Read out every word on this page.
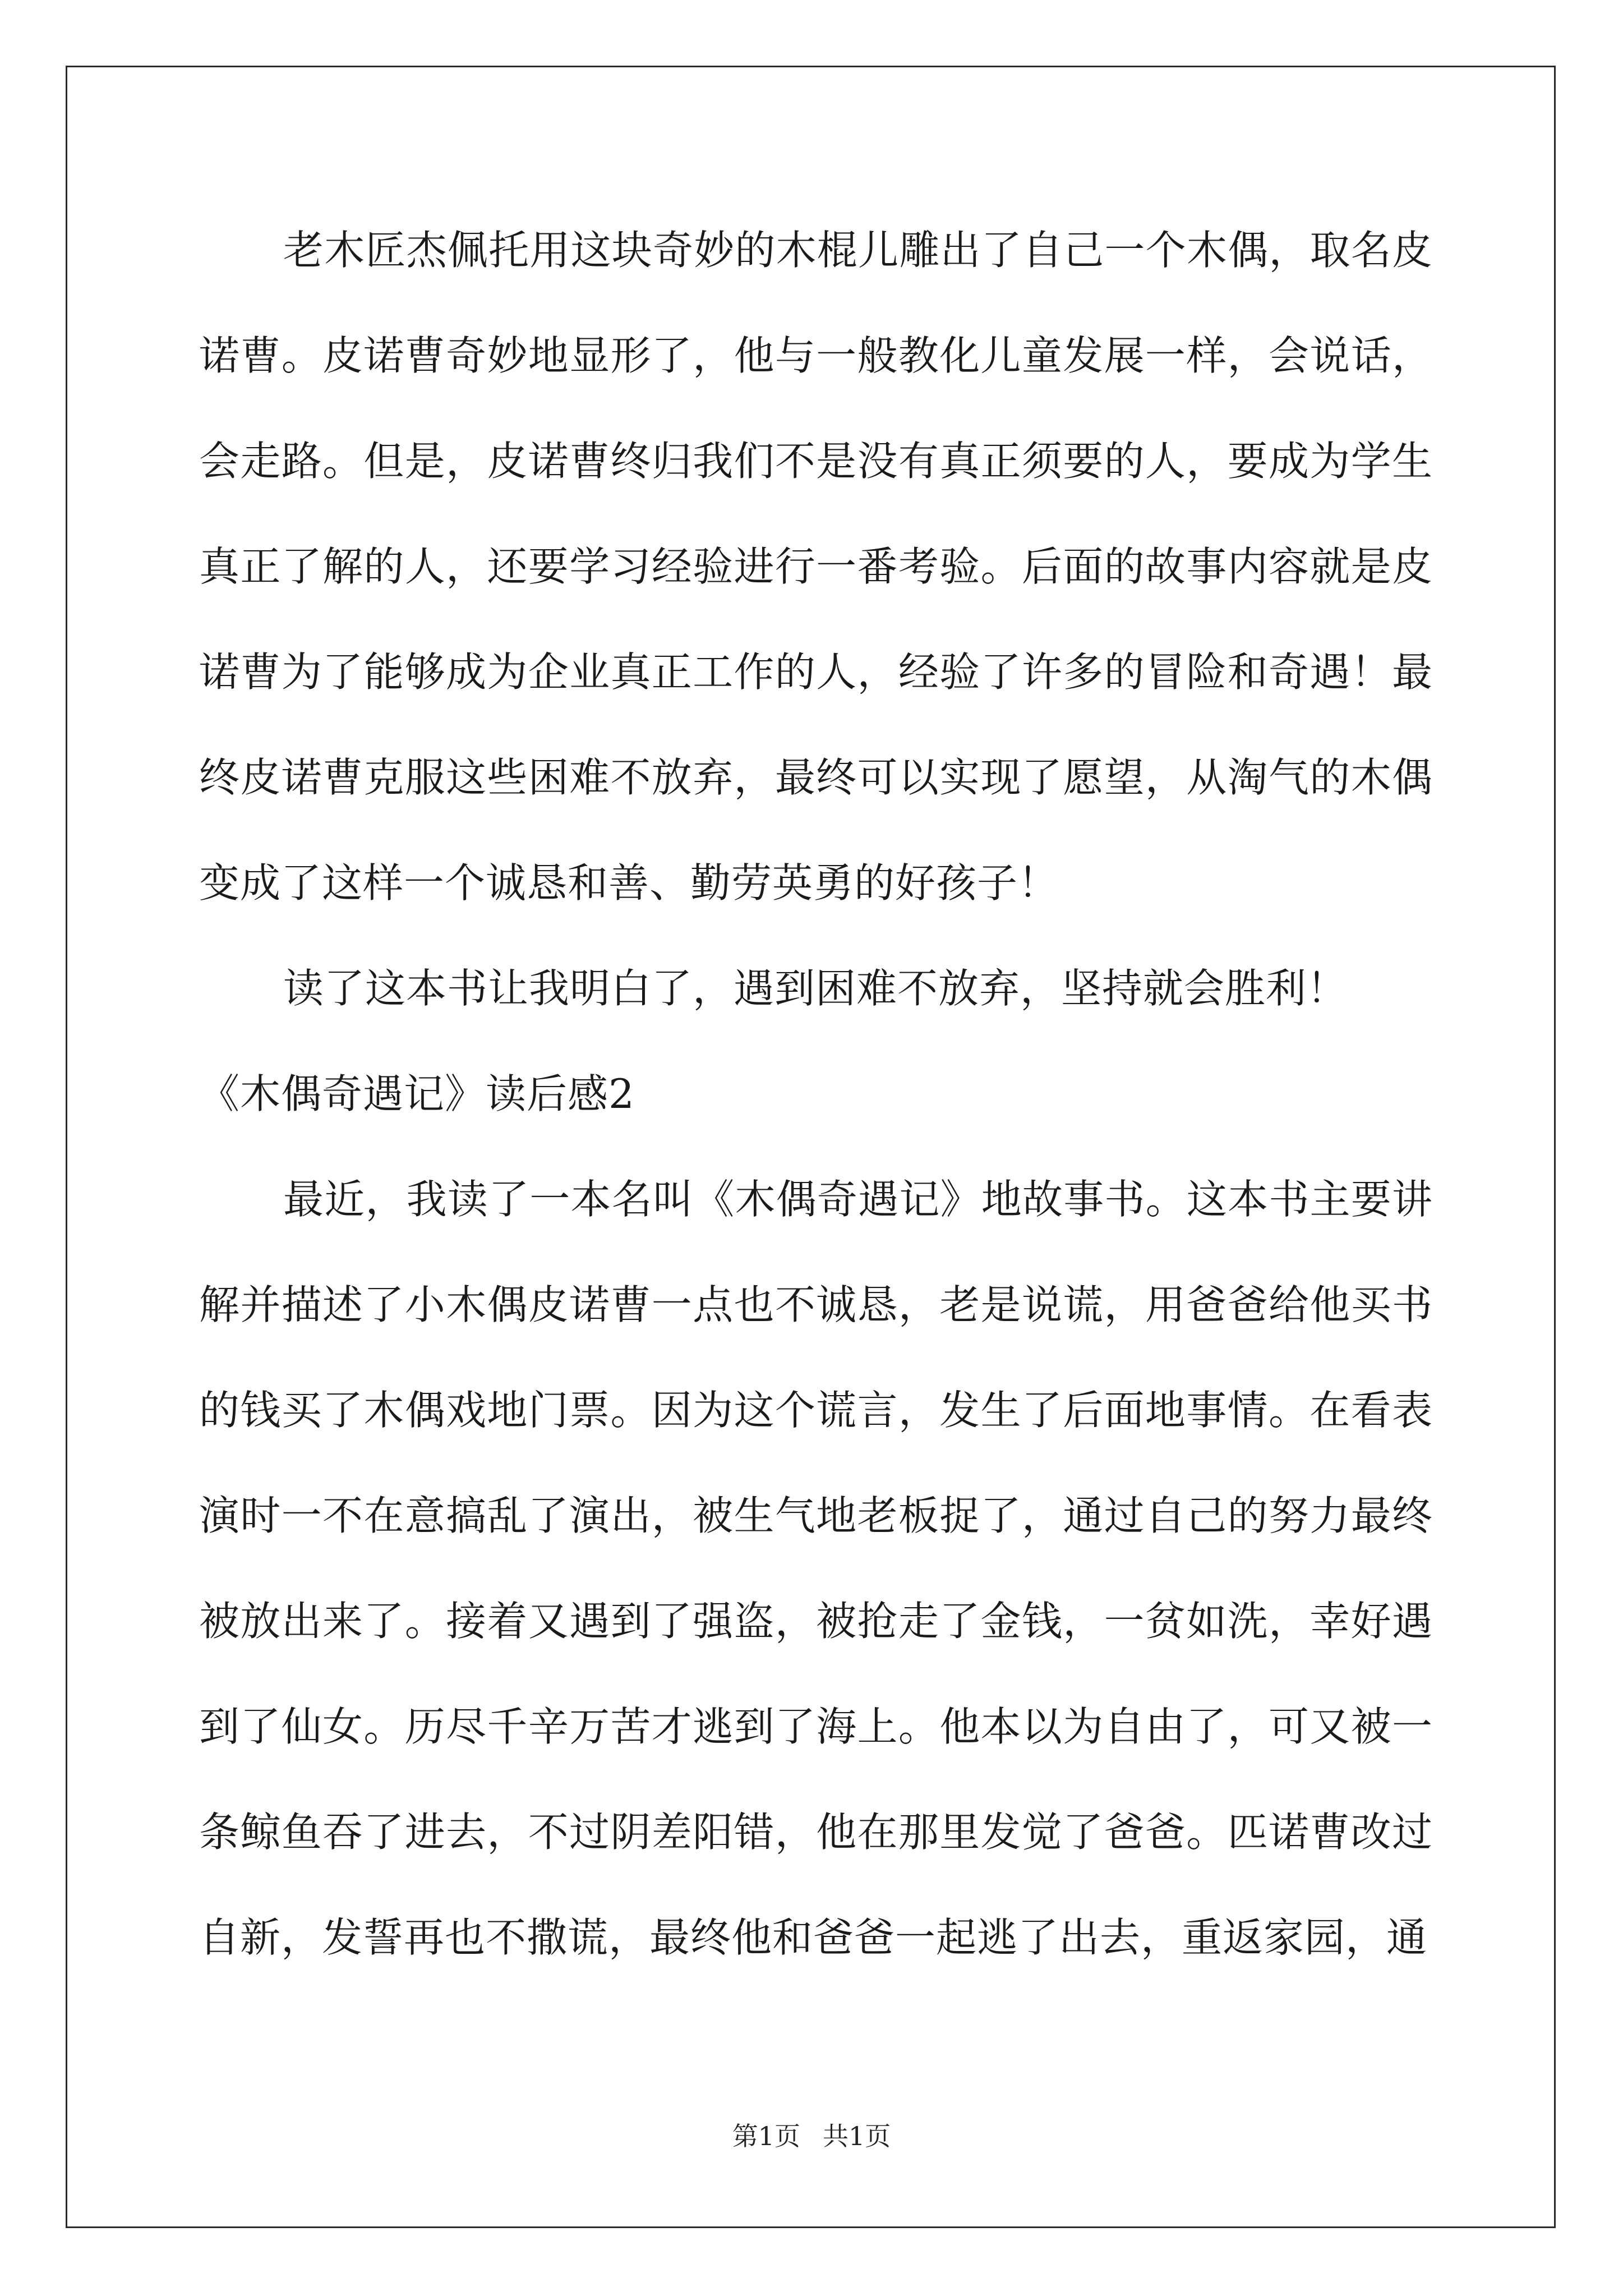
老木匠杰佩托用这块奇妙的木棍儿雕出了自己一个木偶，取名皮诺曹。皮诺曹奇妙地显形了，他与一般教化儿童发展一样，会说话，会走路。但是，皮诺曹终归我们不是没有真正须要的人，要成为学生真正了解的人，还要学习经验进行一番考验。后面的故事内容就是皮诺曹为了能够成为企业真正工作的人，经验了许多的冒险和奇遇！最终皮诺曹克服这些困难不放弃，最终可以实现了愿望，从淘气的木偶变成了这样一个诚恳和善、勤劳英勇的好孩子！

读了这本书让我明白了，遇到困难不放弃，坚持就会胜利！

《木偶奇遇记》读后感2

最近，我读了一本名叫《木偶奇遇记》地故事书。这本书主要讲解并描述了小木偶皮诺曹一点也不诚恳，老是说谎，用爸爸给他买书的钱买了木偶戏地门票。因为这个谎言，发生了后面地事情。在看表演时一不在意搞乱了演出，被生气地老板捉了，通过自己的努力最终被放出来了。接着又遇到了强盗，被抢走了金钱，一贫如洗，幸好遇到了仙女。历尽千辛万苦才逃到了海上。他本以为自由了，可又被一条鲸鱼吞了进去，不过阴差阳错，他在那里发觉了爸爸。匹诺曹改过自新，发誓再也不撒谎，最终他和爸爸一起逃了出去，重返家园，通

第1页 共1页
